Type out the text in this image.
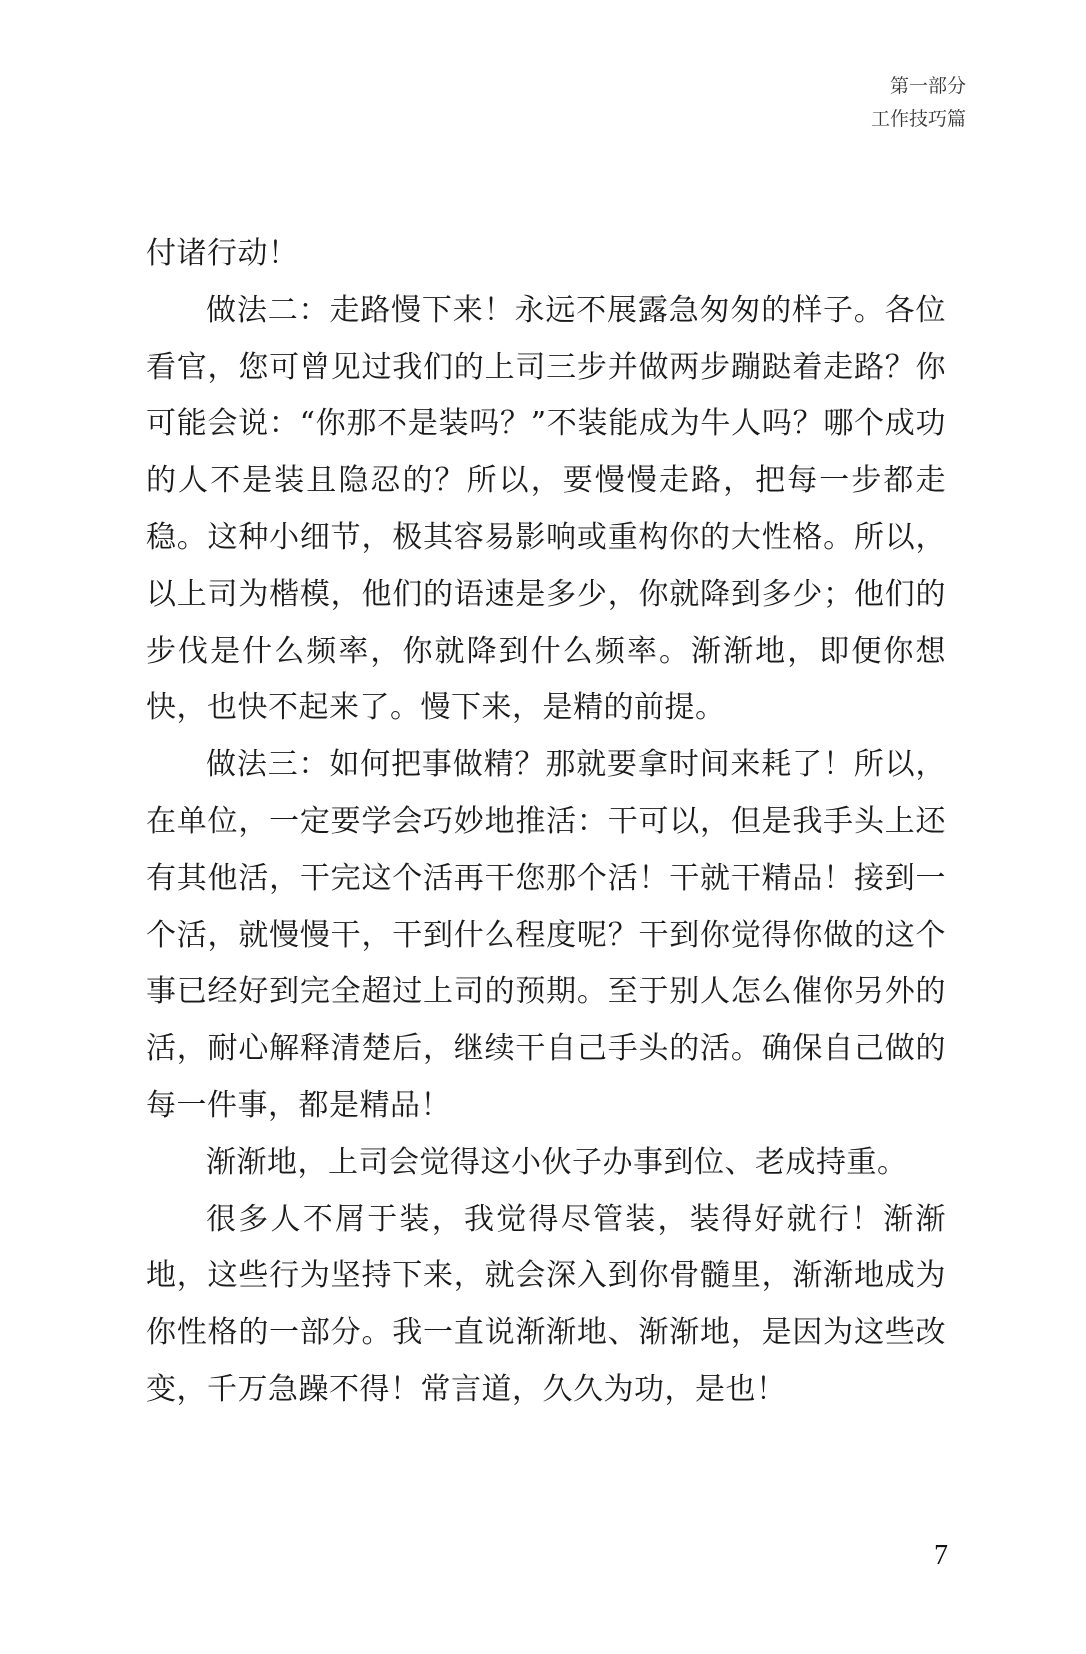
第一部分
工作技巧篇

付诸行动！

做法二：走路慢下来！永远不展露急匆匆的样子。各位看官，您可曾见过我们的上司三步并做两步蹦跶着走路？你可能会说：“你那不是装吗？”不装能成为牛人吗？哪个成功的人不是装且隐忍的？所以，要慢慢走路，把每一步都走稳。这种小细节，极其容易影响或重构你的大性格。所以，以上司为楷模，他们的语速是多少，你就降到多少；他们的步伐是什么频率，你就降到什么频率。渐渐地，即便你想快，也快不起来了。慢下来，是精的前提。

做法三：如何把事做精？那就要拿时间来耗了！所以，在单位，一定要学会巧妙地推活：干可以，但是我手头上还有其他活，干完这个活再干您那个活！干就干精品！接到一个活，就慢慢干，干到什么程度呢？干到你觉得你做的这个事已经好到完全超过上司的预期。至于别人怎么催你另外的活，耐心解释清楚后，继续干自己手头的活。确保自己做的每一件事，都是精品！

渐渐地，上司会觉得这小伙子办事到位、老成持重。

很多人不屑于装，我觉得尽管装，装得好就行！渐渐地，这些行为坚持下来，就会深入到你骨髓里，渐渐地成为你性格的一部分。我一直说渐渐地、渐渐地，是因为这些改变，千万急躁不得！常言道，久久为功，是也！

7
